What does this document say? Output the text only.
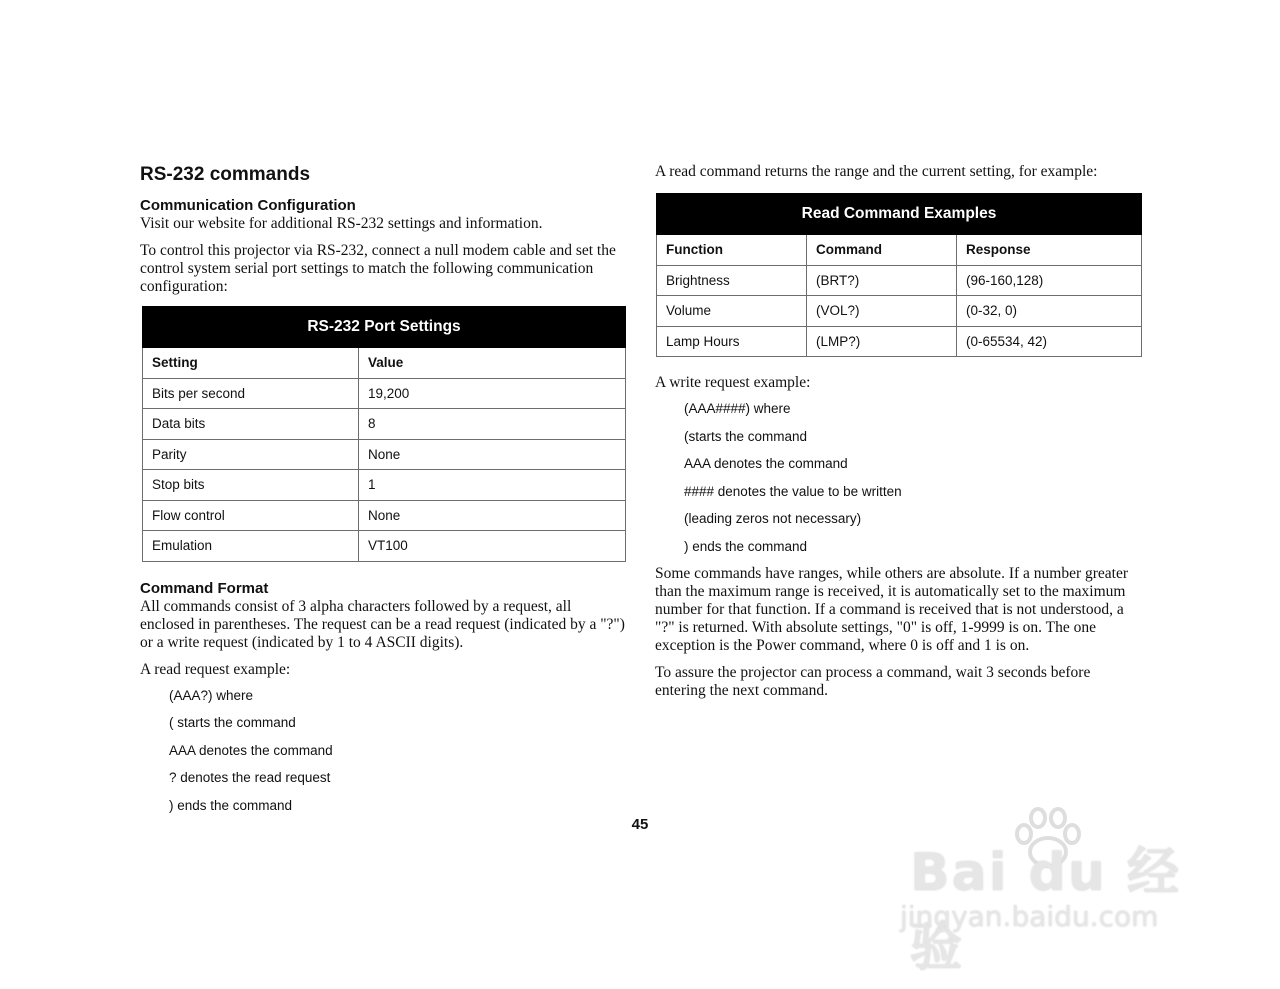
RS-232 commands
Communication Configuration

Visit our website for additional RS-232 settings and information.

To control this projector via RS-232, connect a null modem cable and set the control system serial port settings to match the following communication configuration:

RS-232 Port Settings	
Setting	Value
Bits per second	19,200
Data bits	8
Parity	None
Stop bits	1
Flow control	None
Emulation	VT100
Command Format

All commands consist of 3 alpha characters followed by a request, all enclosed in parentheses. The request can be a read request (indicated by a "?") or a write request (indicated by 1 to 4 ASCII digits).

A read request example:

(AAA?) where
( starts the command
AAA denotes the command
? denotes the read request
) ends the command

A read command returns the range and the current setting, for example:

Read Command Examples		
Function	Command	Response
Brightness	(BRT?)	(96-160,128)
Volume	(VOL?)	(0-32, 0)
Lamp Hours	(LMP?)	(0-65534, 42)

A write request example:

(AAA####) where
(starts the command
AAA denotes the command
#### denotes the value to be written
(leading zeros not necessary)
) ends the command

Some commands have ranges, while others are absolute. If a number greater than the maximum range is received, it is automatically set to the maximum number for that function. If a command is received that is not understood, a "?" is returned. With absolute settings, "0" is off, 1-9999 is on. The one exception is the Power command, where 0 is off and 1 is on.

To assure the projector can process a command, wait 3 seconds before entering the next command.

45
Bai du 经验
jingyan.baidu.com
